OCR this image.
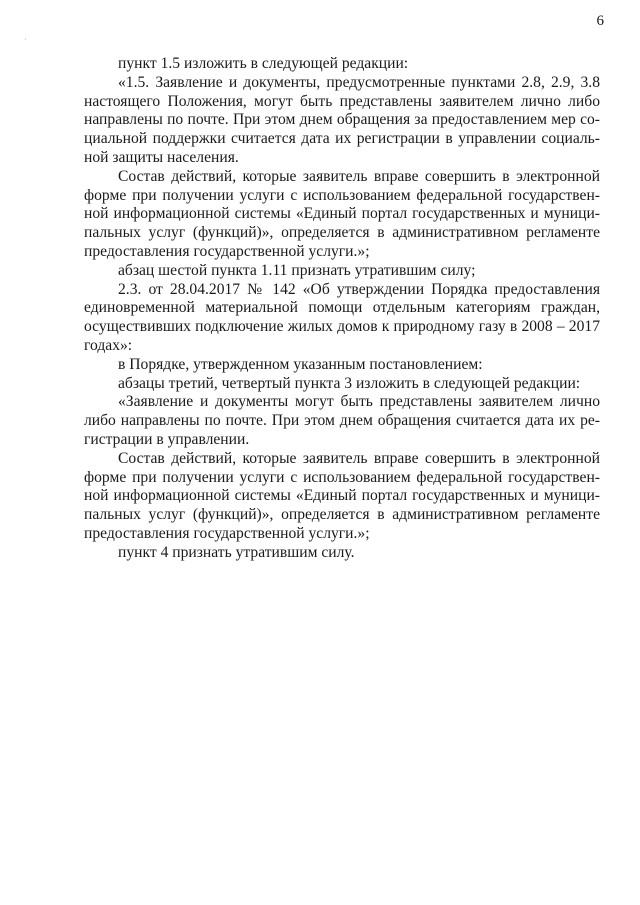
6
·

пункт 1.5 изложить в следующей редакции:

«1.5. Заявление и документы, предусмотренные пунктами 2.8, 2.9, 3.8 настоящего Положения, могут быть представлены заявителем лично либо направлены по почте. При этом днем обращения за предоставлением мер социальной поддержки считается дата их регистрации в управлении социальной защиты населения.

Состав действий, которые заявитель вправе совершить в электронной форме при получении услуги с использованием федеральной государственной информационной системы «Единый портал государственных и муниципальных услуг (функций)», определяется в административном регламенте предоставления государственной услуги.»;

абзац шестой пункта 1.11 признать утратившим силу;

2.3. от 28.04.2017 № 142 «Об утверждении Порядка предоставления единовременной материальной помощи отдельным категориям граждан, осуществивших подключение жилых домов к природному газу в 2008 – 2017 годах»:

в Порядке, утвержденном указанным постановлением:

абзацы третий, четвертый пункта 3 изложить в следующей редакции:

«Заявление и документы могут быть представлены заявителем лично либо направлены по почте. При этом днем обращения считается дата их регистрации в управлении.

Состав действий, которые заявитель вправе совершить в электронной форме при получении услуги с использованием федеральной государственной информационной системы «Единый портал государственных и муниципальных услуг (функций)», определяется в административном регламенте предоставления государственной услуги.»;

пункт 4 признать утратившим силу.
